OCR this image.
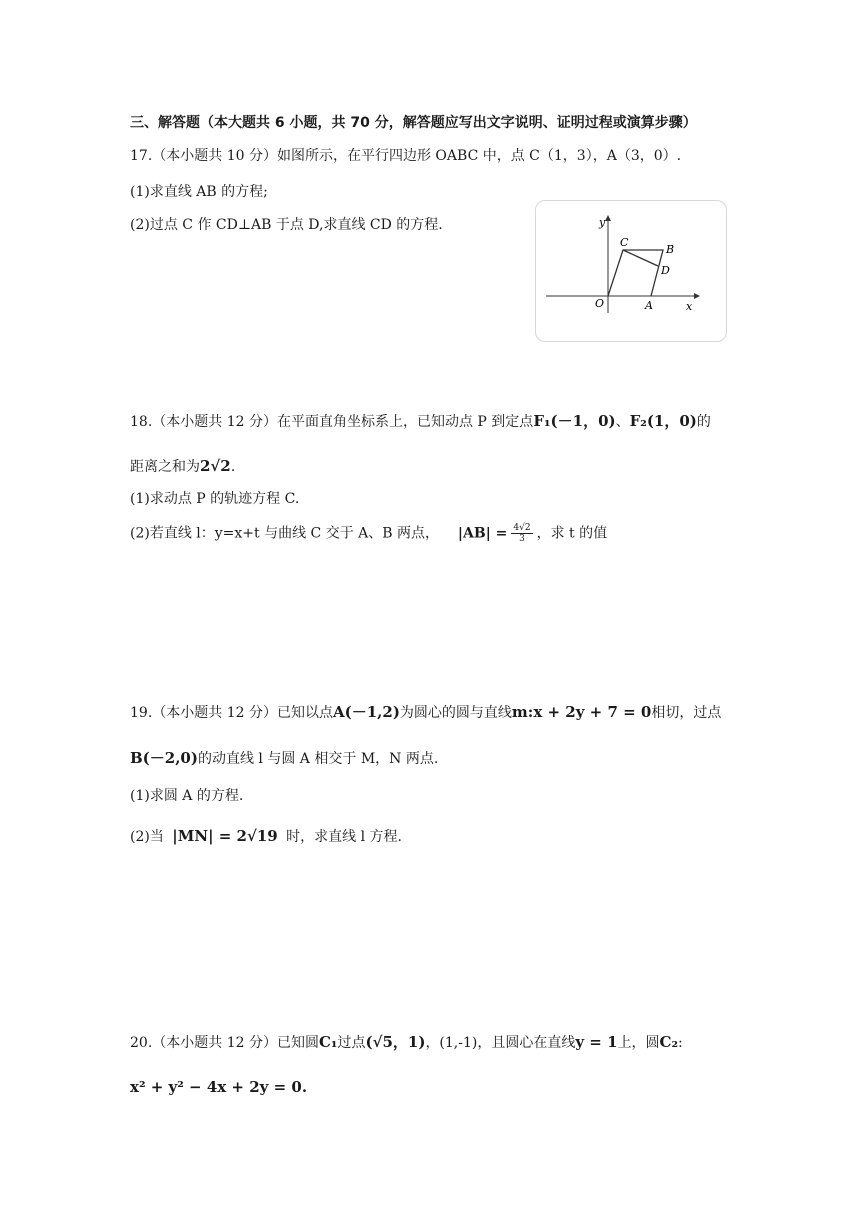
三、解答题（本大题共 6 小题，共 70 分，解答题应写出文字说明、证明过程或演算步骤）
17.（本小题共 10 分）如图所示，在平行四边形 OABC 中，点 C（1，3），A（3，0）.
(1)求直线 AB 的方程;
(2)过点 C 作 CD⊥AB 于点 D,求直线 CD 的方程.	y
x
O	A
B
C
D
18.（本小题共 12 分）在平面直角坐标系上，已知动点 P 到定点F₁(－1，0)、F₂(1，0)的
距离之和为2√2.
(1)求动点 P 的轨迹方程 C.
(2)若直线 l：y=x+t 与曲线 C 交于 A、B 两点， $|AB| = \frac{4√2}{3}$ ，求 t 的值
19.（本小题共 12 分）已知以点A(－1,2)为圆心的圆与直线m:x + 2y + 7 = 0相切，过点
B(－2,0)的动直线 l 与圆 A 相交于 M，N 两点.
(1)求圆 A 的方程.
(2)当 |MN| = 2√19 时，求直线 l 方程.
20.（本小题共 12 分）已知圆C₁过点(√5，1)，(1,-1)，且圆心在直线y = 1上，圆C₂:
x² + y² − 4x + 2y = 0.
